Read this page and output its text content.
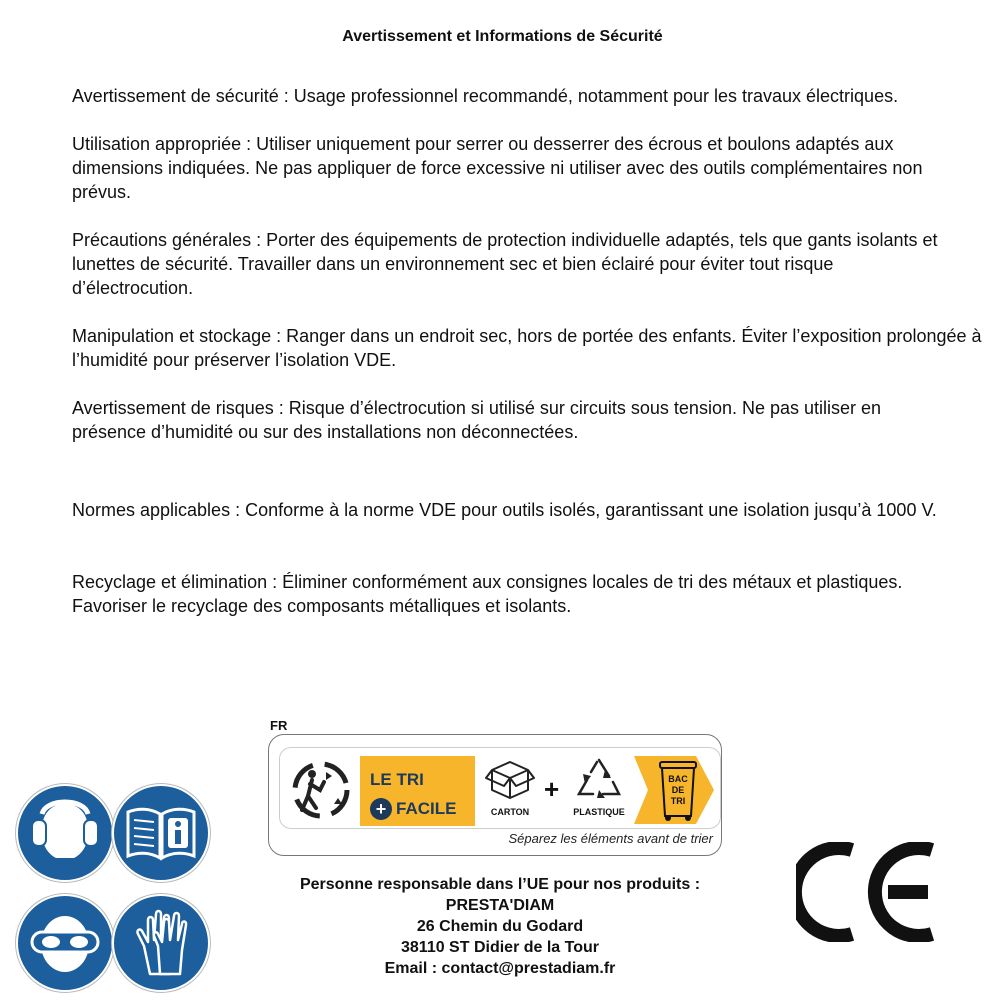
Avertissement et Informations de Sécurité
Avertissement de sécurité : Usage professionnel recommandé, notamment pour les travaux électriques.
Utilisation appropriée : Utiliser uniquement pour serrer ou desserrer des écrous et boulons adaptés aux dimensions indiquées. Ne pas appliquer de force excessive ni utiliser avec des outils complémentaires non prévus.
Précautions générales : Porter des équipements de protection individuelle adaptés, tels que gants isolants et lunettes de sécurité. Travailler dans un environnement sec et bien éclairé pour éviter tout risque d’électrocution.
Manipulation et stockage : Ranger dans un endroit sec, hors de portée des enfants. Éviter l’exposition prolongée à l’humidité pour préserver l’isolation VDE.
Avertissement de risques : Risque d’électrocution si utilisé sur circuits sous tension. Ne pas utiliser en présence d’humidité ou sur des installations non déconnectées.
Normes applicables : Conforme à la norme VDE pour outils isolés, garantissant une isolation jusqu’à 1000 V.
Recyclage et élimination : Éliminer conformément aux consignes locales de tri des métaux et plastiques. Favoriser le recyclage des composants métalliques et isolants.
FR
LE TRI
+ FACILE	CARTON
+
PLASTIQUE
BAC
DE
TRI
Séparez les éléments avant de trier
Personne responsable dans l’UE pour nos produits :
PRESTA'DIAM
26 Chemin du Godard
38110 ST Didier de la Tour
Email : contact@prestadiam.fr
